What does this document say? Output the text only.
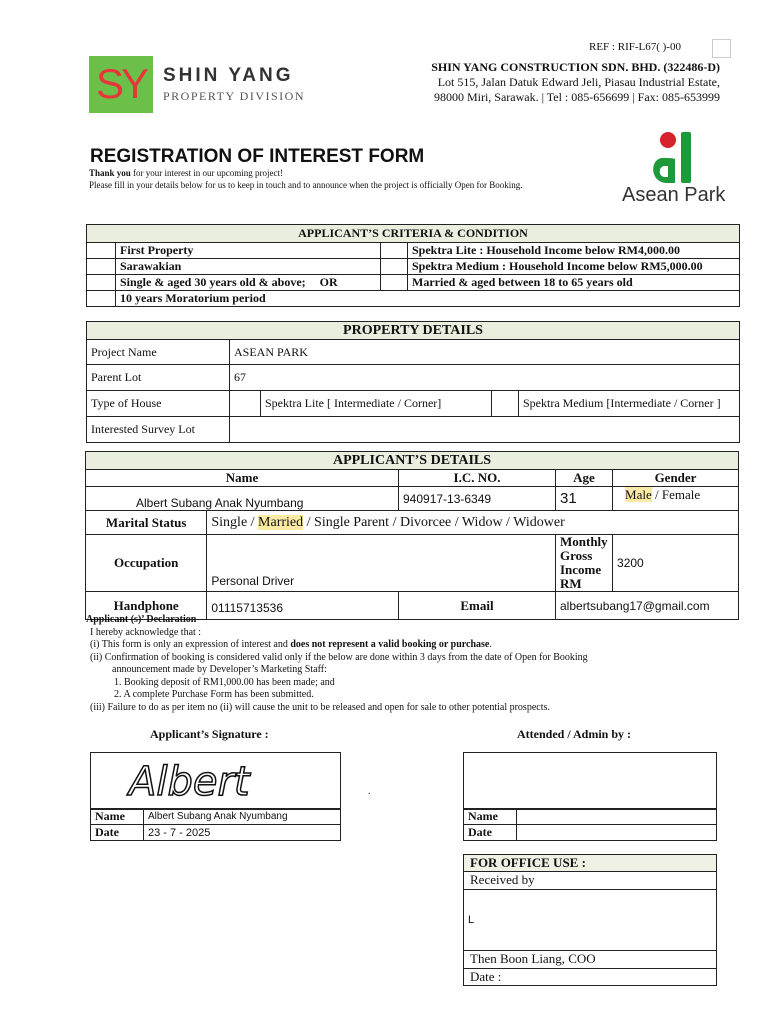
REF : RIF-L67( )-00
SY SHIN YANG
PROPERTY DIVISION
SHIN YANG CONSTRUCTION SDN. BHD. (322486-D)
Lot 515, Jalan Datuk Edward Jeli, Piasau Industrial Estate,
98000 Miri, Sarawak. | Tel : 085-656699 | Fax: 085-653999
Asean Park
REGISTRATION OF INTEREST FORM
Thank you for your interest in our upcoming project!
Please fill in your details below for us to keep in touch and to announce when the project is officially Open for Booking.
APPLICANT’S CRITERIA & CONDITION			
	First Property		Spektra Lite : Household Income below RM4,000.00
	Sarawakian		Spektra Medium : Household Income below RM5,000.00
	Single & aged 30 years old & above; OR		Married & aged between 18 to 65 years old
	10 years Moratorium period		
PROPERTY DETAILS				
Project Name	ASEAN PARK			
Parent Lot	67			
Type of House		Spektra Lite [ Intermediate / Corner]		Spektra Medium [Intermediate / Corner ]
Interested Survey Lot				
APPLICANT’S DETAILS				
Name		I.C. NO.	Age	Gender
Albert Subang Anak Nyumbang		940917-13-6349	31	Male / Female
Marital Status	Single / Married / Single Parent / Divorcee / Widow / Widower			
Occupation	Personal Driver		Monthly Gross Income RM	3200
Handphone	01115713536	Email	albertsubang17@gmail.com	
Applicant (s)’ Declaration
I hereby acknowledge that :
(i) This form is only an expression of interest and does not represent a valid booking or purchase.
(ii) Confirmation of booking is considered valid only if the below are done within 3 days from the date of Open for Booking
announcement made by Developer’s Marketing Staff:
1. Booking deposit of RM1,000.00 has been made; and
2. A complete Purchase Form has been submitted.
(iii) Failure to do as per item no (ii) will cause the unit to be released and open for sale to other potential prospects.
Applicant’s Signature :
Albert
Name	Albert Subang Anak Nyumbang
Date	23 - 7 - 2025
.
Attended / Admin by :
Name	
Date	
FOR OFFICE USE :
Received by
L
Then Boon Liang, COO
Date :
